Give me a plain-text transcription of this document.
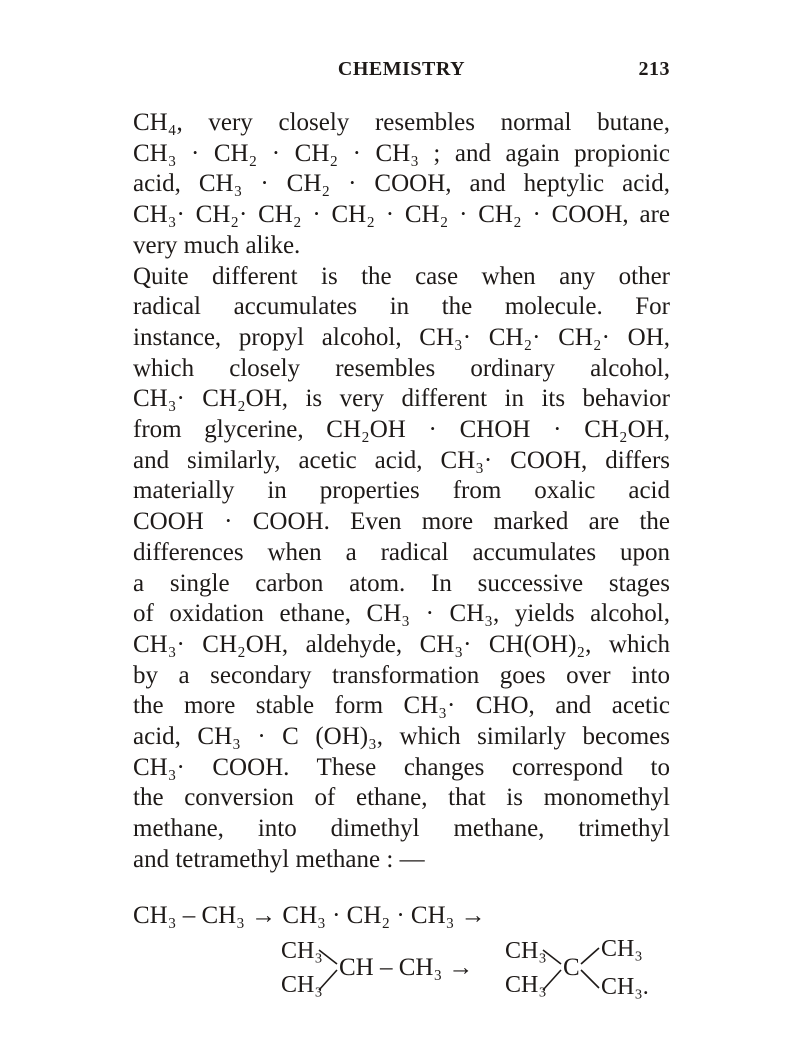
CHEMISTRY	213
CH₄, very closely resembles normal butane,
CH₃ · CH₂ · CH₂ · CH₃ ; and again propionic
acid, CH₃ · CH₂ · COOH, and heptylic acid,
CH₃· CH₂· CH₂ · CH₂ · CH₂ · CH₂ · COOH, are
very much alike.
Quite different is the case when any other
radical accumulates in the molecule. For
instance, propyl alcohol, CH₃· CH₂· CH₂· OH,
which closely resembles ordinary alcohol,
CH₃· CH₂OH, is very different in its behavior
from glycerine, CH₂OH · CHOH · CH₂OH,
and similarly, acetic acid, CH₃· COOH, differs
materially in properties from oxalic acid
COOH · COOH. Even more marked are the
differences when a radical accumulates upon
a single carbon atom. In successive stages
of oxidation ethane, CH₃ · CH₃, yields alcohol,
CH₃· CH₂OH, aldehyde, CH₃· CH(OH)₂, which
by a secondary transformation goes over into
the more stable form CH₃· CHO, and acetic
acid, CH₃ · C (OH)₃, which similarly becomes
CH₃· COOH. These changes correspond to
the conversion of ethane, that is monomethyl
methane, into dimethyl methane, trimethyl
and tetramethyl methane : —
CH₃ – CH₃ → CH₃ · CH₂ · CH₃ →
CH₃
CH₃
CH – CH₃ →
CH₃
CH₃
C
CH₃
CH₃.
